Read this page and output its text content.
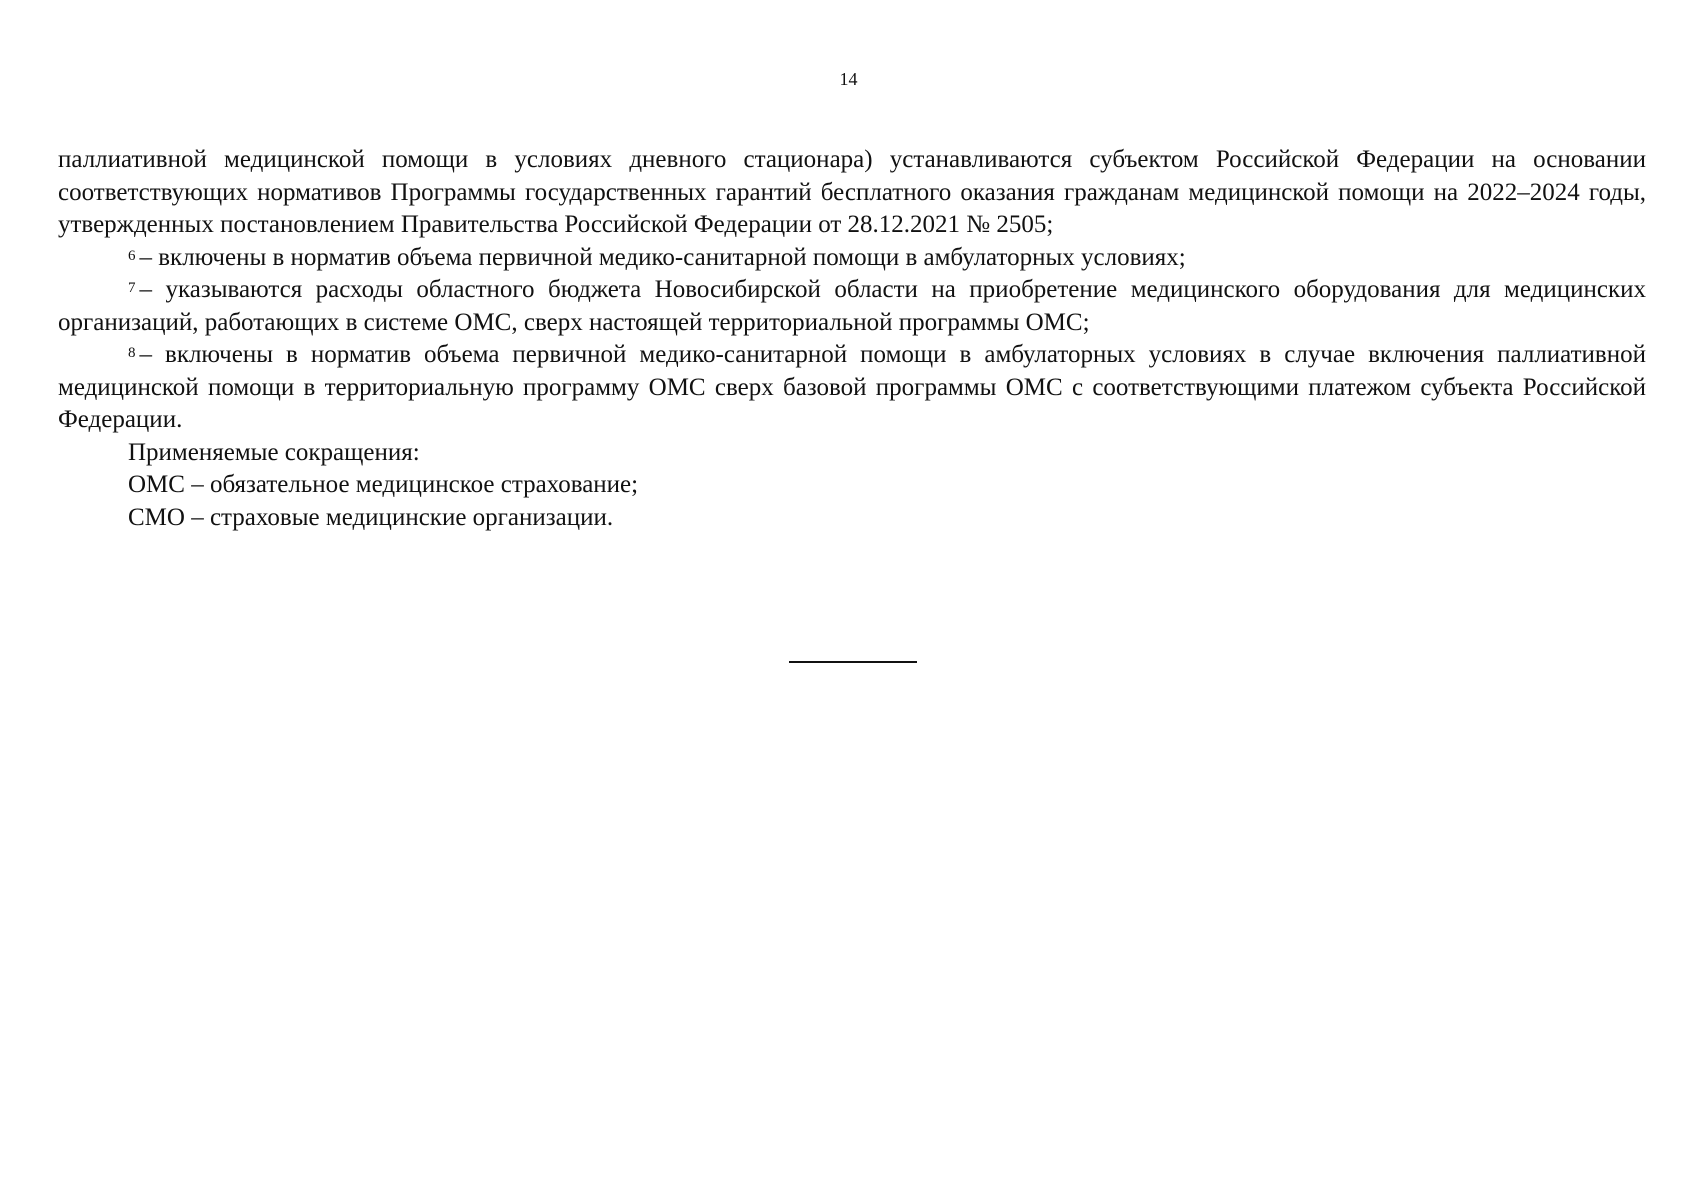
14

паллиативной медицинской помощи в условиях дневного стационара) устанавливаются субъектом Российской Федерации на основании соответствующих нормативов Программы государственных гарантий бесплатного оказания гражданам медицинской помощи на 2022–2024 годы, утвержденных постановлением Правительства Российской Федерации от 28.12.2021 № 2505;

$^6$ – включены в норматив объема первичной медико-санитарной помощи в амбулаторных условиях;

$^7$ – указываются расходы областного бюджета Новосибирской области на приобретение медицинского оборудования для медицинских организаций, работающих в системе ОМС, сверх настоящей территориальной программы ОМС;

$^8$ – включены в норматив объема первичной медико-санитарной помощи в амбулаторных условиях в случае включения паллиативной медицинской помощи в территориальную программу ОМС сверх базовой программы ОМС с соответствующими платежом субъекта Российской Федерации.

Применяемые сокращения:

ОМС – обязательное медицинское страхование;

СМО – страховые медицинские организации.
